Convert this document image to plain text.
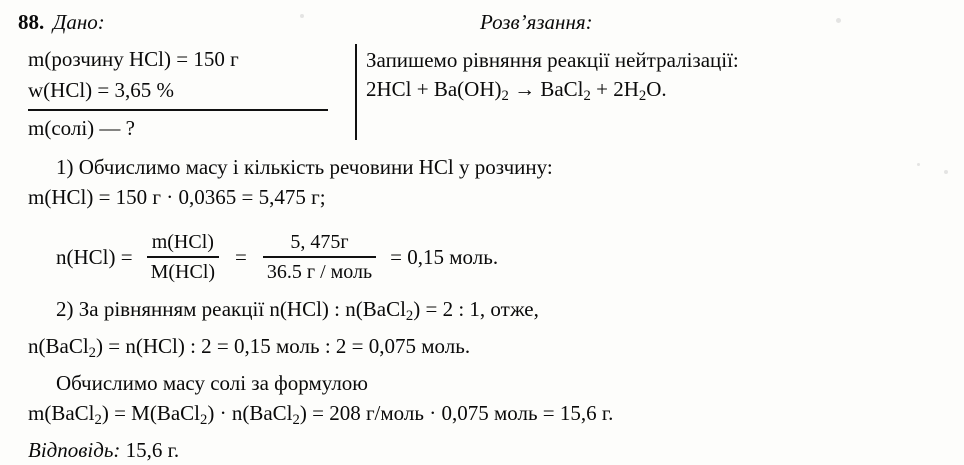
88. Дано:	Розв’язання:
m(розчину HCl) = 150 г
w(HCl) = 3,65 %
m(солі) — ?
Запишемо рівняння реакції нейтралізації:
$2HCl + Ba(OH)_2$ → BaCl$_2$ + $2H_2O$.
1) Обчислимо масу і кількість речовини HCl у розчину:
m(HCl) = 150 г · 0,0365 = 5,475 г;
$n(HCl) = \frac{\text{m(HCl)}}{\text{M(HCl)}} = \frac{5, 475г}{\text{36.5 г / моль}} = 0,15$ моль.
2) За рівнянням реакції n(HCl) : n(BaCl$_2$) = 2 : 1, отже,
n(BaCl$_2$) = n(HCl) : 2 = 0,15 моль : 2 = 0,075 моль.
Обчислимо масу солі за формулою
m(BaCl$_2$) = M(BaCl$_2$) · n(BaCl$_2$) = 208 г/моль · 0,075 моль = 15,6 г.
Відповідь: 15,6 г.
